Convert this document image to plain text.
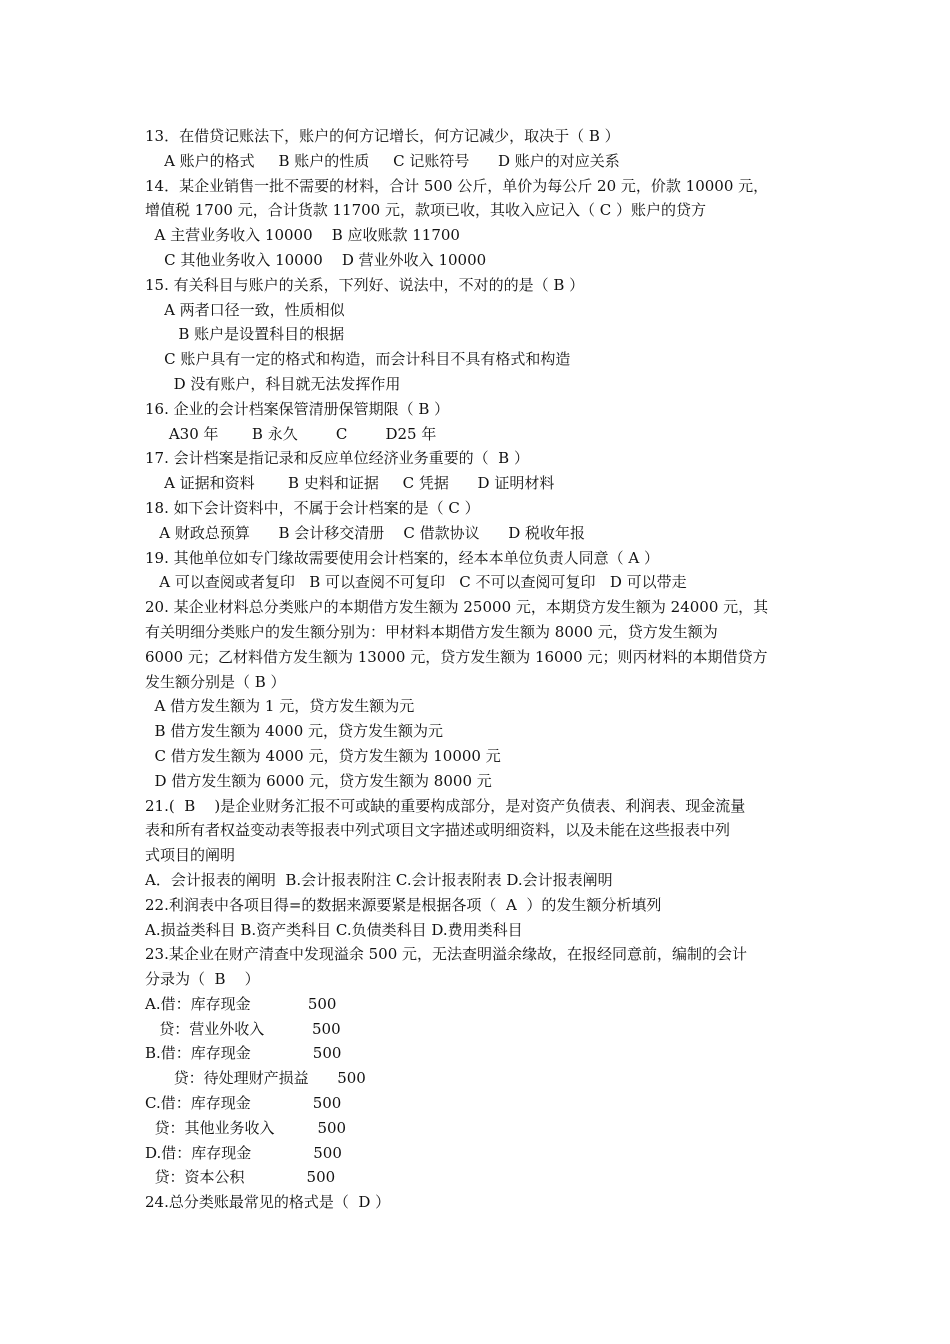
13．在借贷记账法下，账户的何方记增长，何方记减少，取决于（ B ）
A 账户的格式     B 账户的性质     C 记账符号      D 账户的对应关系
14．某企业销售一批不需要的材料，合计 500 公斤，单价为每公斤 20 元，价款 10000 元，
增值税 1700 元，合计货款 11700 元，款项已收，其收入应记入（ C ）账户的贷方
A 主营业务收入 10000    B 应收账款 11700
C 其他业务收入 10000    D 营业外收入 10000
15. 有关科目与账户的关系，下列好、说法中，不对的的是（ B ）
A 两者口径一致，性质相似
B 账户是设置科目的根据
C 账户具有一定的格式和构造，而会计科目不具有格式和构造
D 没有账户，科目就无法发挥作用
16. 企业的会计档案保管清册保管期限（ B ）
A30 年       B 永久        C        D25 年
17. 会计档案是指记录和反应单位经济业务重要的（  B ）
A 证据和资料       B 史料和证据     C 凭据      D 证明材料
18. 如下会计资料中，不属于会计档案的是（ C ）
A 财政总预算      B 会计移交清册    C 借款协议      D 税收年报
19. 其他单位如专门缘故需要使用会计档案的，经本本单位负责人同意（ A ）
A 可以查阅或者复印   B 可以查阅不可复印   C 不可以查阅可复印   D 可以带走
20. 某企业材料总分类账户的本期借方发生额为 25000 元，本期贷方发生额为 24000 元，其
有关明细分类账户的发生额分别为：甲材料本期借方发生额为 8000 元，贷方发生额为
6000 元；乙材料借方发生额为 13000 元，贷方发生额为 16000 元；则丙材料的本期借贷方
发生额分别是（ B ）
A 借方发生额为 1 元，贷方发生额为元
B 借方发生额为 4000 元，贷方发生额为元
C 借方发生额为 4000 元，贷方发生额为 10000 元
D 借方发生额为 6000 元，贷方发生额为 8000 元
21.(  B    )是企业财务汇报不可或缺的重要构成部分，是对资产负债表、利润表、现金流量
表和所有者权益变动表等报表中列式项目文字描述或明细资料，以及未能在这些报表中列
式项目的阐明
A．会计报表的阐明  B.会计报表附注 C.会计报表附表 D.会计报表阐明
22.利润表中各项目得=的数据来源要紧是根据各项（  A  ）的发生额分析填列
A.损益类科目 B.资产类科目 C.负债类科目 D.费用类科目
23.某企业在财产清查中发现溢余 500 元，无法查明溢余缘故，在报经同意前，编制的会计
分录为（  B    ）
A.借：库存现金            500
贷：营业外收入          500
B.借：库存现金             500
贷：待处理财产损益      500
C.借：库存现金             500
贷：其他业务收入         500
D.借：库存现金             500
贷：资本公积             500
24.总分类账最常见的格式是（  D ）
